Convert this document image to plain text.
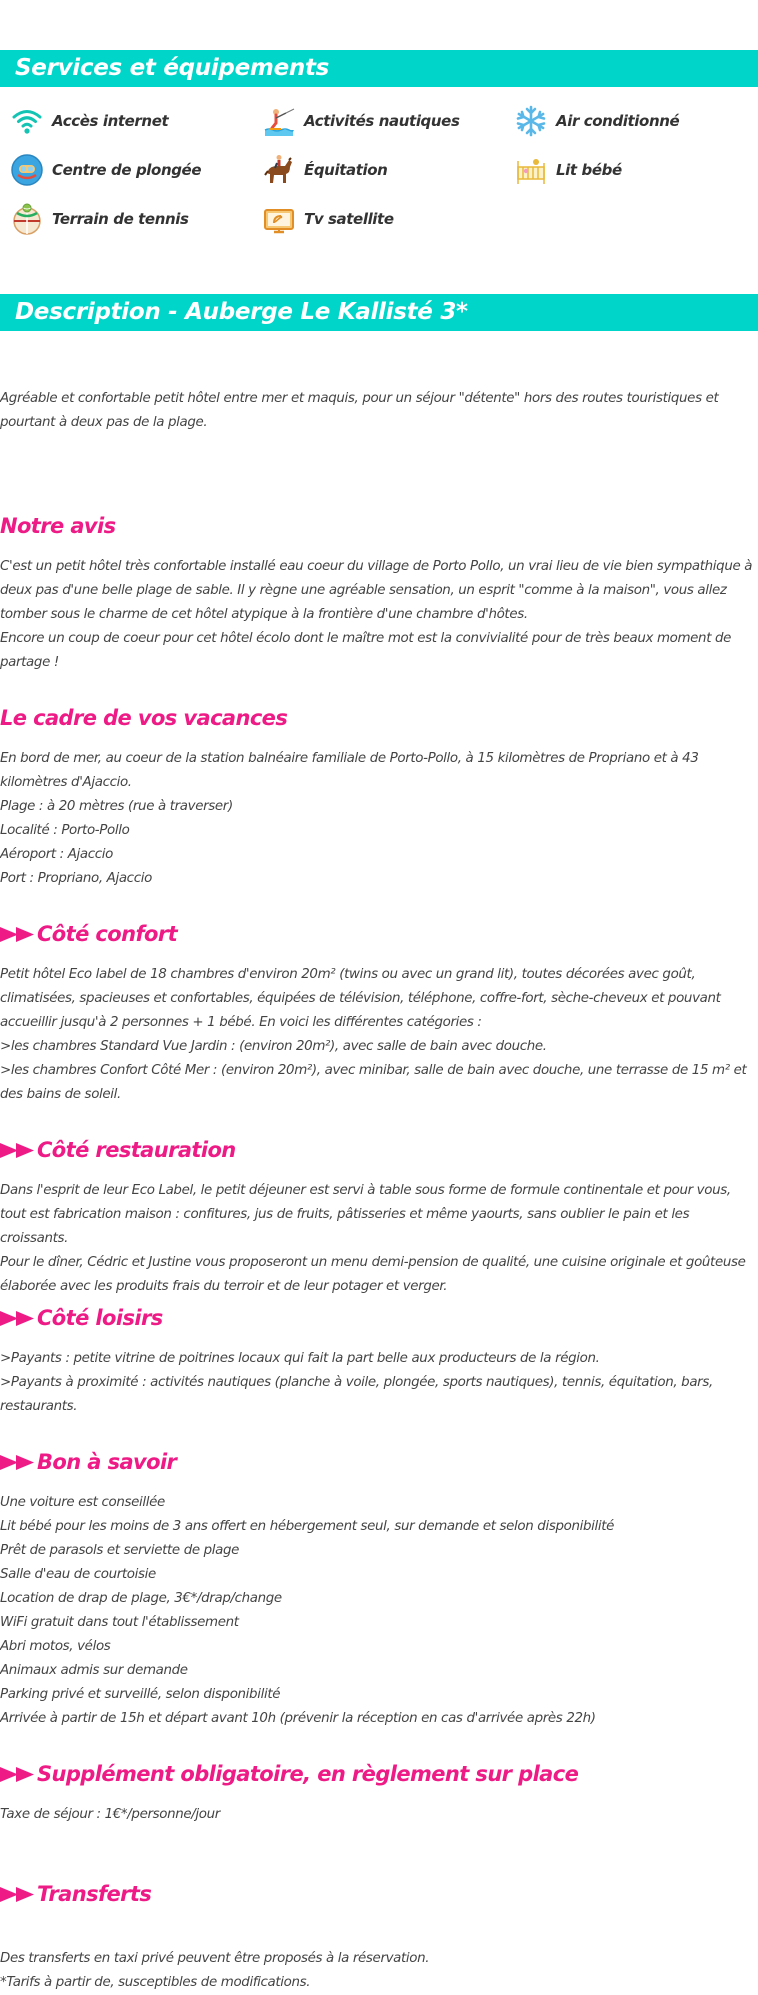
Services et équipements
Accès internet	Activités nautiques	Air conditionné
Centre de plongée	Équitation	Lit bébé
Terrain de tennis	Tv satellite
Description - Auberge Le Kallisté 3*

Agréable et confortable petit hôtel entre mer et maquis, pour un séjour "détente" hors des routes touristiques et pourtant à deux pas de la plage.

Notre avis

C'est un petit hôtel très confortable installé eau coeur du village de Porto Pollo, un vrai lieu de vie bien sympathique à deux pas d'une belle plage de sable. Il y règne une agréable sensation, un esprit "comme à la maison", vous allez tomber sous le charme de cet hôtel atypique à la frontière d'une chambre d'hôtes.

Encore un coup de coeur pour cet hôtel écolo dont le maître mot est la convivialité pour de très beaux moment de partage !

Le cadre de vos vacances

En bord de mer, au coeur de la station balnéaire familiale de Porto-Pollo, à 15 kilomètres de Propriano et à 43 kilomètres d'Ajaccio.

Plage : à 20 mètres (rue à traverser)

Localité : Porto-Pollo

Aéroport : Ajaccio

Port : Propriano, Ajaccio

Côté confort

Petit hôtel Eco label de 18 chambres d'environ 20m² (twins ou avec un grand lit), toutes décorées avec goût, climatisées, spacieuses et confortables, équipées de télévision, téléphone, coffre-fort, sèche-cheveux et pouvant accueillir jusqu'à 2 personnes + 1 bébé. En voici les différentes catégories :

>les chambres Standard Vue Jardin : (environ 20m²), avec salle de bain avec douche.

>les chambres Confort Côté Mer : (environ 20m²), avec minibar, salle de bain avec douche, une terrasse de 15 m² et des bains de soleil.

Côté restauration

Dans l'esprit de leur Eco Label, le petit déjeuner est servi à table sous forme de formule continentale et pour vous, tout est fabrication maison : confitures, jus de fruits, pâtisseries et même yaourts, sans oublier le pain et les croissants.

Pour le dîner, Cédric et Justine vous proposeront un menu demi-pension de qualité, une cuisine originale et goûteuse élaborée avec les produits frais du terroir et de leur potager et verger.

Côté loisirs

>Payants : petite vitrine de poitrines locaux qui fait la part belle aux producteurs de la région.

>Payants à proximité : activités nautiques (planche à voile, plongée, sports nautiques), tennis, équitation, bars, restaurants.

Bon à savoir

Une voiture est conseillée

Lit bébé pour les moins de 3 ans offert en hébergement seul, sur demande et selon disponibilité

Prêt de parasols et serviette de plage

Salle d'eau de courtoisie

Location de drap de plage, 3€*/drap/change

WiFi gratuit dans tout l'établissement

Abri motos, vélos

Animaux admis sur demande

Parking privé et surveillé, selon disponibilité

Arrivée à partir de 15h et départ avant 10h (prévenir la réception en cas d'arrivée après 22h)

Supplément obligatoire, en règlement sur place

Taxe de séjour : 1€*/personne/jour

Transferts

Des transferts en taxi privé peuvent être proposés à la réservation.

*Tarifs à partir de, susceptibles de modifications.
